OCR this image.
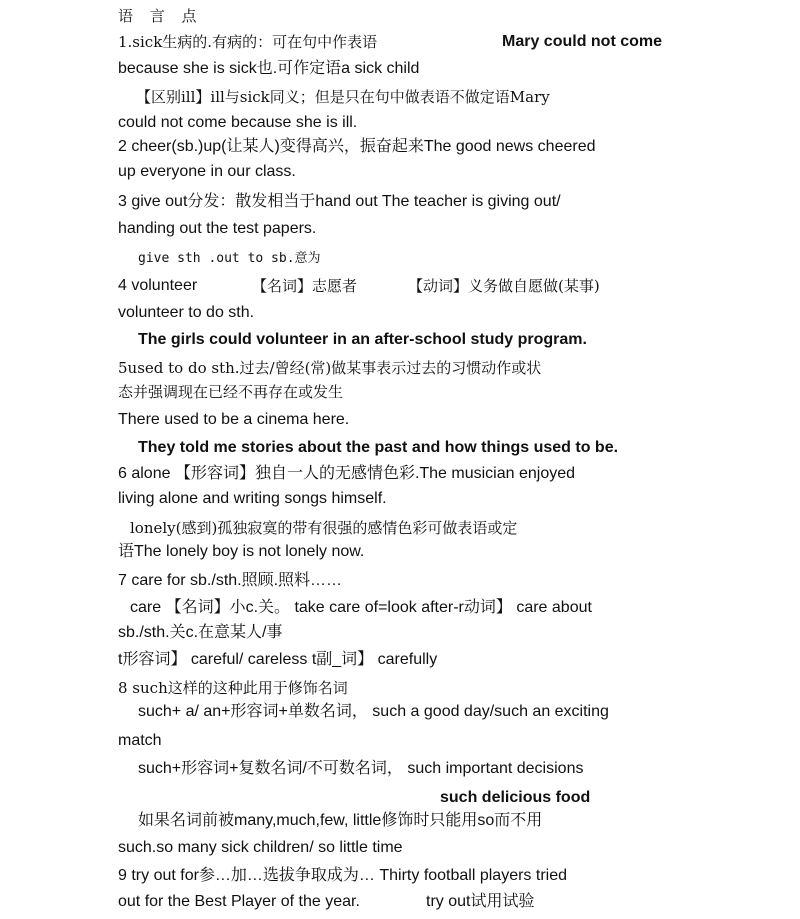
语 言 点
1.sick生病的.有病的：可在句中作表语	Mary could not come
because she is sick也.可作定语a sick child
【区别ill】ill与sick同义；但是只在句中做表语不做定语Mary
could not come because she is ill.
2 cheer(sb.)up(让某人)变得高兴，振奋起来The good news cheered
up everyone in our class.
3 give out分发：散发相当于hand out The teacher is giving out/
handing out the test papers.
give sth .out to sb.意为
4 volunteer	【名词】志愿者	【动词】义务做自愿做(某事)
volunteer to do sth.
The girls could volunteer in an after-school study program.
5used to do sth.过去/曾经(常)做某事表示过去的习惯动作或状
态并强调现在已经不再存在或发生
There used to be a cinema here.
They told me stories about the past and how things used to be.
6 alone 【形容词】独自一人的无感情色彩.The musician enjoyed
living alone and writing songs himself.
lonely(感到)孤独寂寞的带有很强的感情色彩可做表语或定
语The lonely boy is not lonely now.
7 care for sb./sth.照顾.照料……
care 【名词】小c.关。 take care of=look after-r动词】 care about
sb./sth.关c.在意某人/事
t形容词】 careful/ careless t副_词】 carefully
8 such这样的这种此用于修饰名词
such+ a/ an+形容词+单数名词， such a good day/such an exciting
match
such+形容词+复数名词/不可数名词， such important decisions
such delicious food
如果名词前被many,much,few, little修饰时只能用so而不用
such.so many sick children/ so little time
9 try out for参…加…选拔争取成为… Thirty football players tried
out for the Best Player of the year.	try out试用试验
